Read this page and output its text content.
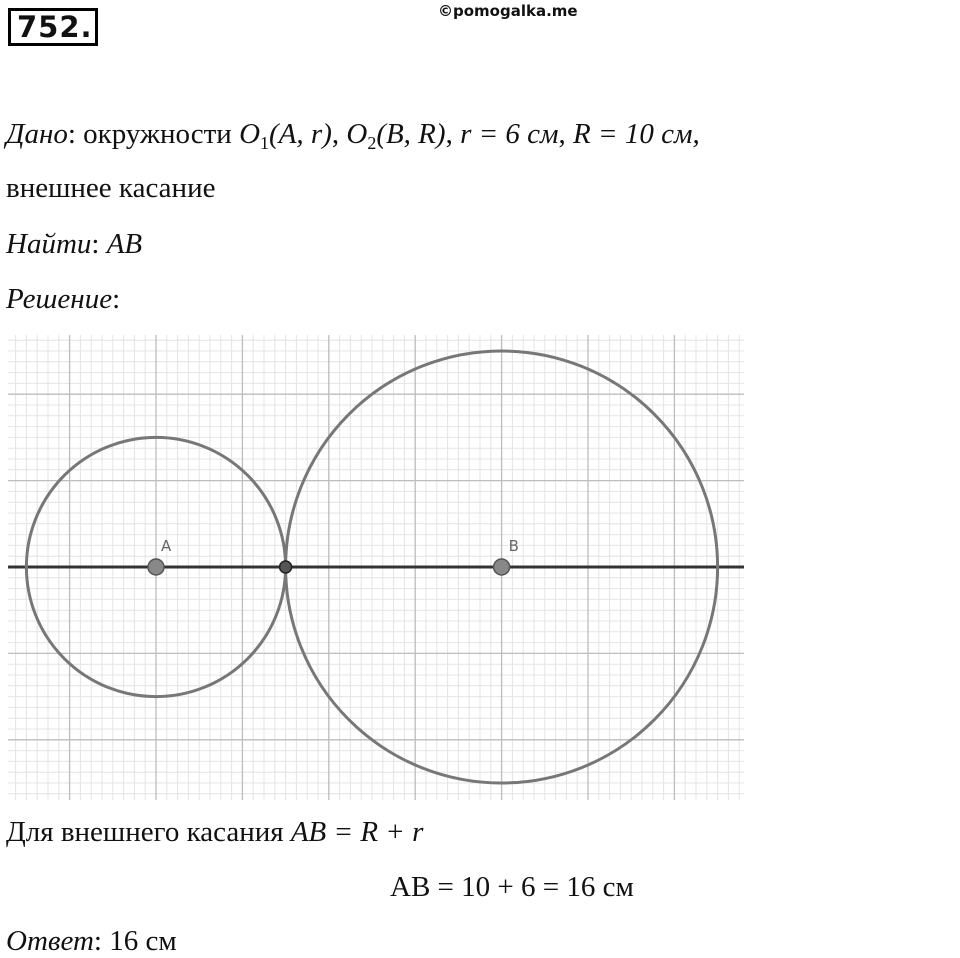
752.	©pomogalka.me
Дано: окружности $O_1(A$, r), $O_2(B$, R), r = 6 см, R = 10 см,
внешнее касание
Найти: AB
Решение:
A	B
Для внешнего касания AB = R + r
AB = 10 + 6 = 16 см
Ответ: 16 см
